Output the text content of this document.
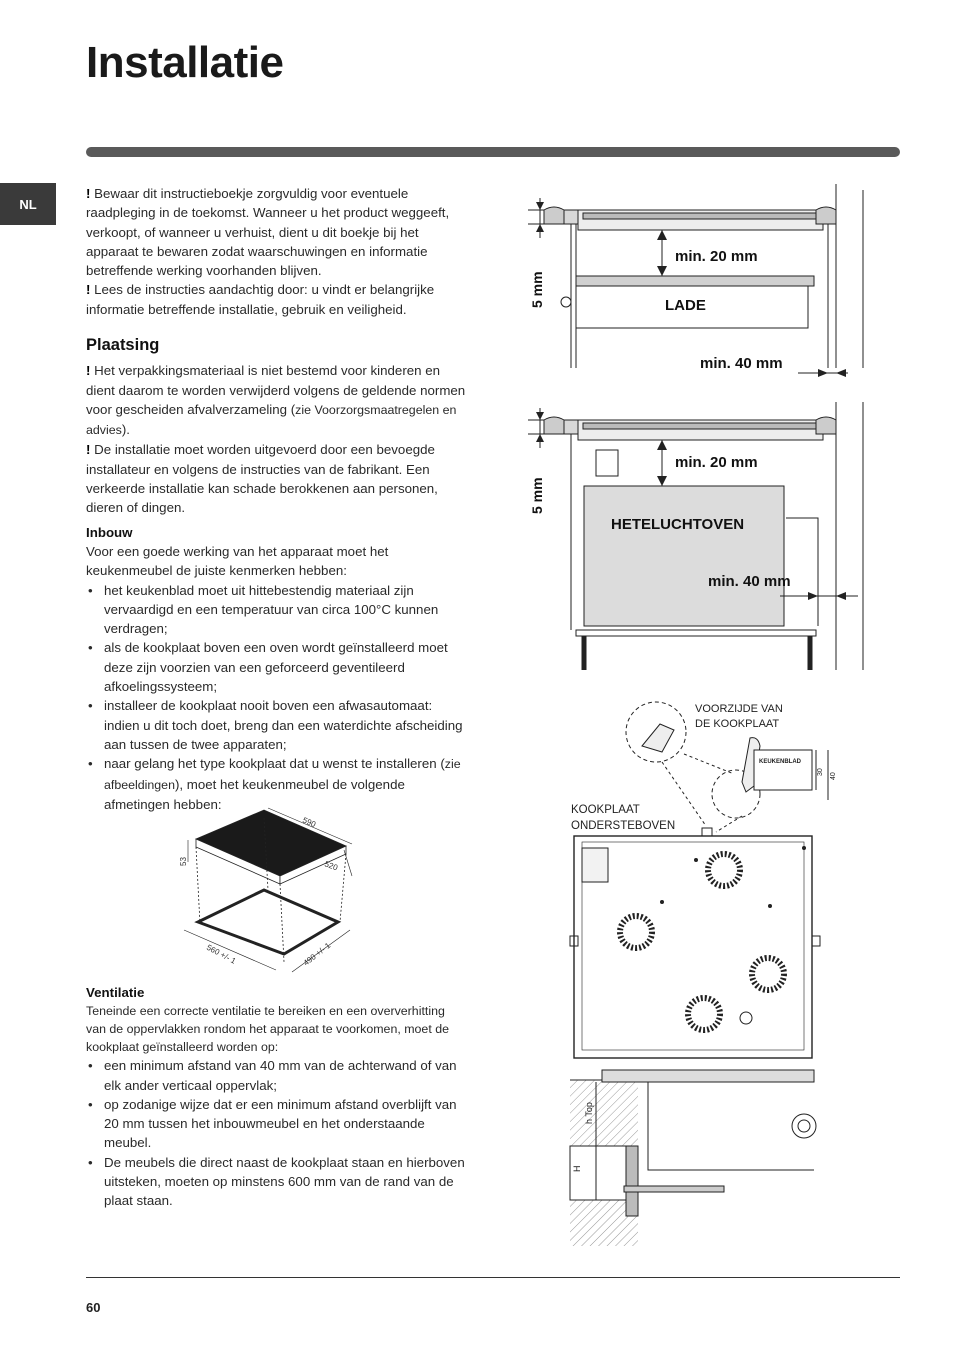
Installatie
NL

! Bewaar dit instructieboekje zorgvuldig voor eventuele raadpleging in de toekomst. Wanneer u het product weggeeft, verkoopt, of wanneer u verhuist, dient u dit boekje bij het apparaat te bewaren zodat waarschuwingen en informatie betreffende werking voorhanden blijven.

! Lees de instructies aandachtig door: u vindt er belangrijke informatie betreffende installatie, gebruik en veiligheid.

Plaatsing

! Het verpakkingsmateriaal is niet bestemd voor kinderen en dient daarom te worden verwijderd volgens de geldende normen voor gescheiden afvalverzameling (zie Voorzorgsmaatregelen en advies).

! De installatie moet worden uitgevoerd door een bevoegde installateur en volgens de instructies van de fabrikant. Een verkeerde installatie kan schade berokkenen aan personen, dieren of dingen.

Inbouw

Voor een goede werking van het apparaat moet het keukenmeubel de juiste kenmerken hebben:

• het keukenblad moet uit hittebestendig materiaal zijn vervaardigd en een temperatuur van circa 100°C kunnen verdragen;
• als de kookplaat boven een oven wordt geïnstalleerd moet deze zijn voorzien van een geforceerd geventileerd afkoelingssysteem;
• installeer de kookplaat nooit boven een afwasautomaat: indien u dit toch doet, breng dan een waterdichte afscheiding aan tussen de twee apparaten;
• naar gelang het type kookplaat dat u wenst te installeren (zie afbeeldingen), moet het keukenmeubel de volgende afmetingen hebben:
590
520
53
560 +/- 1	490 +/- 1
Ventilatie

Teneinde een correcte ventilatie te bereiken en een oververhitting van de oppervlakken rondom het apparaat te voorkomen, moet de kookplaat geïnstalleerd worden op:

• een minimum afstand van 40 mm van de achterwand of van elk ander verticaal oppervlak;
• op zodanige wijze dat er een minimum afstand overblijft van 20 mm tussen het inbouwmeubel en het onderstaande meubel.
• De meubels die direct naast de kookplaat staan en hierboven uitsteken, moeten op minstens 600 mm van de rand van de plaat staan.
min. 20 mm
LADE
min. 40 mm
5 mm
min. 20 mm
HETELUCHTOVEN
min. 40 mm
5 mm
VOORZIJDE VAN
DE KOOKPLAAT
KEUKENBLAD
30
40
KOOKPLAAT
ONDERSTEBOVEN
h Top
H
60
